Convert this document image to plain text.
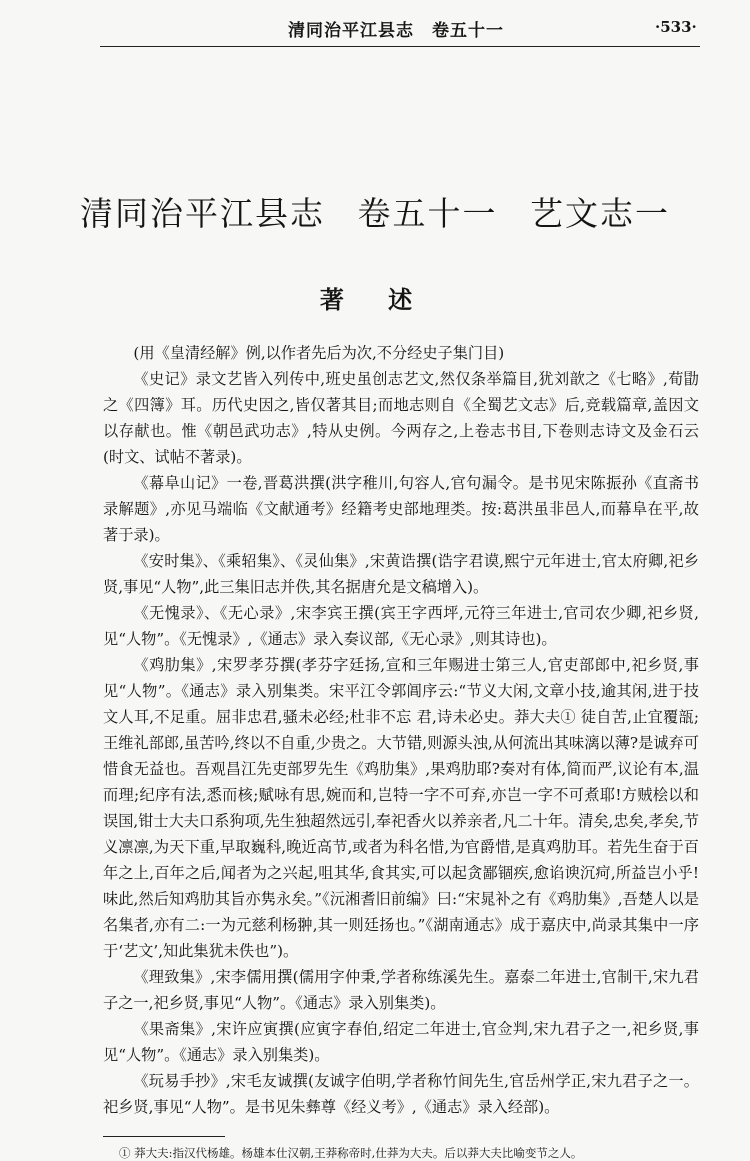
清同治平江县志　卷五十一	·533·
清同治平江县志 卷五十一 艺文志一
著 述

(用《皇清经解》例,以作者先后为次,不分经史子集门目)

《史记》录文艺皆入列传中,班史虽创志艺文,然仅条举篇目,犹刘歆之《七略》,荀勖之《四簿》耳。历代史因之,皆仅著其目;而地志则自《全蜀艺文志》后,竞载篇章,盖因文以存献也。惟《朝邑武功志》,特从史例。今两存之,上卷志书目,下卷则志诗文及金石云(时文、试帖不著录)。

《幕阜山记》一卷,晋葛洪撰(洪字稚川,句容人,官句漏令。是书见宋陈振孙《直斋书录解题》,亦见马端临《文献通考》经籍考史部地理类。按:葛洪虽非邑人,而幕阜在平,故著于录)。

《安时集》、《乘轺集》、《灵仙集》,宋黄诰撰(诰字君谟,熙宁元年进士,官太府卿,祀乡贤,事见“人物”,此三集旧志并佚,其名据唐允是文稿增入)。

《无愧录》、《无心录》,宋李宾王撰(宾王字西坪,元符三年进士,官司农少卿,祀乡贤,见“人物”。《无愧录》,《通志》录入奏议部,《无心录》,则其诗也)。

《鸡肋集》,宋罗孝芬撰(孝芬字廷扬,宣和三年赐进士第三人,官吏部郎中,祀乡贤,事见“人物”。《通志》录入别集类。宋平江令郭阊序云:“节义大闲,文章小技,逾其闲,进于技文人耳,不足重。屈非忠君,骚未必经;杜非不忘 君,诗未必史。莽大夫① 徒自苦,止宜覆瓿;王维礼部郎,虽苦吟,终以不自重,少贵之。大节错,则源头浊,从何流出其味漓以薄?是诚弃可惜食无益也。吾观昌江先吏部罗先生《鸡肋集》,果鸡肋耶?奏对有体,简而严,议论有本,温而理;纪序有法,悉而核;赋咏有思,婉而和,岂特一字不可弃,亦岂一字不可煮耶!方贼桧以和误国,钳士大夫口系狗项,先生独超然远引,奉祀香火以养亲者,凡二十年。清矣,忠矣,孝矣,节义凛凛,为天下重,早取巍科,晚近高节,或者为科名惜,为官爵惜,是真鸡肋耳。若先生奋于百年之上,百年之后,闻者为之兴起,咀其华,食其实,可以起贪鄙锢疾,愈谄谀沉疴,所益岂小乎!味此,然后知鸡肋其旨亦隽永矣。”《沅湘耆旧前编》曰:“宋晁补之有《鸡肋集》,吾楚人以是名集者,亦有二:一为元慈利杨翀,其一则廷扬也。”《湖南通志》成于嘉庆中,尚录其集中一序于‘艺文’,知此集犹未佚也”)。

《理致集》,宋李儒用撰(儒用字仲秉,学者称练溪先生。嘉泰二年进士,官制干,宋九君子之一,祀乡贤,事见“人物”。《通志》录入别集类)。

《果斋集》,宋许应寅撰(应寅字春伯,绍定二年进士,官佥判,宋九君子之一,祀乡贤,事见“人物”。《通志》录入别集类)。

《玩易手抄》,宋毛友诚撰(友诚字伯明,学者称竹间先生,官岳州学正,宋九君子之一。祀乡贤,事见“人物”。是书见朱彝尊《经义考》,《通志》录入经部)。

① 莽大夫:指汉代杨雄。杨雄本仕汉朝,王莽称帝时,仕莽为大夫。后以莽大夫比喻变节之人。
